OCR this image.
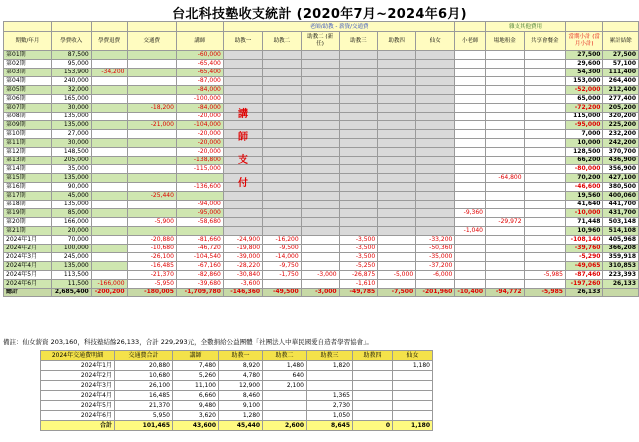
台北科技塾收支統計 (2020年7月~2024年6月)
					老師/助教 - 薪資/交通費							雜支其他費用			
期數/年月	學費收入	學費退費	交通費	講師	助教一	助教二	助教二 (新任)	助教三	助教四	仙女	小老師	場地租金	共享會餐金	當期小計 (當月小計)	累計結餘
第01期	87,500			-60,000										27,500	27,500
第02期	95,000			-65,400										29,600	57,100
第03期	153,900	-34,200		-65,400										54,300	111,400
第04期	240,000			-87,000										153,000	264,400
第05期	32,000			-84,000										-52,000	212,400
第06期	165,000			-100,000										65,000	277,400
第07期	30,000		-18,200	-84,000										-72,200	205,200
第08期	135,000			-20,000										115,000	320,200
第09期	135,000		-21,000	-104,000										-95,000	225,200
第10期	27,000			-20,000										7,000	232,200
第11期	30,000			-20,000										10,000	242,200
第12期	148,500			-20,000										128,500	370,700
第13期	205,000			-138,800										66,200	436,900
第14期	35,000			-115,000										-80,000	356,900
第15期	135,000											-64,800		70,200	427,100
第16期	90,000			-136,600										-46,600	380,500
第17期	45,000		-25,440											19,560	400,060
第18期	135,000			-94,000										41,640	441,700
第19期	85,000			-95,000							-9,360			-10,000	431,700
第20期	166,000		-5,900	-58,680								-29,972		71,448	503,148
第21期	20,000										-1,040			10,960	514,108
2024年1月	70,000		-20,880	-81,660	-24,900	-16,200		-3,500		-33,200				-108,140	405,968
2024年2月	100,000		-10,680	-46,720	-19,800	-9,500		-3,500		-50,360				-39,760	366,208
2024年3月	245,000		-26,100	-104,540	-39,000	-14,000		-3,500		-35,000				-5,290	359,918
2024年4月	135,000		-16,485	-67,160	-28,220	-9,750		-5,250		-37,200				-49,065	310,853
2024年5月	113,500		-21,370	-82,860	-30,840	-1,750	-3,000	-26,875	-5,000	-6,000			-5,985	-87,460	223,393
2024年6月	11,500	-166,000	-5,950	-39,680	-3,600			-1,610						-197,260	26,133
總計	2,685,400	-200,200	-180,005	-1,709,780	-146,360	-49,500	-3,000	-49,785	-7,500	-201,960	-10,400	-94,772	-5,985	26,133	
講
師
支
付
備註：仙女薪資 203,160，科技塾結餘26,133，合計 229,293元，全數捐給公益團體「社團法人中華民國愛自造者學習協會」。
2024年交通費明細	交通費合計	講師	助教一	助教二	助教三	助教四	仙女
2024年1月	20,880	7,480	8,920	1,480	1,820		1,180
2024年2月	10,680	5,260	4,780	640			
2024年3月	26,100	11,100	12,900	2,100			
2024年4月	16,485	6,660	8,460		1,365		
2024年5月	21,370	9,480	9,100		2,730		
2024年6月	5,950	3,620	1,280		1,050		
合計	101,465	43,600	45,440	2,600	8,645	0	1,180
